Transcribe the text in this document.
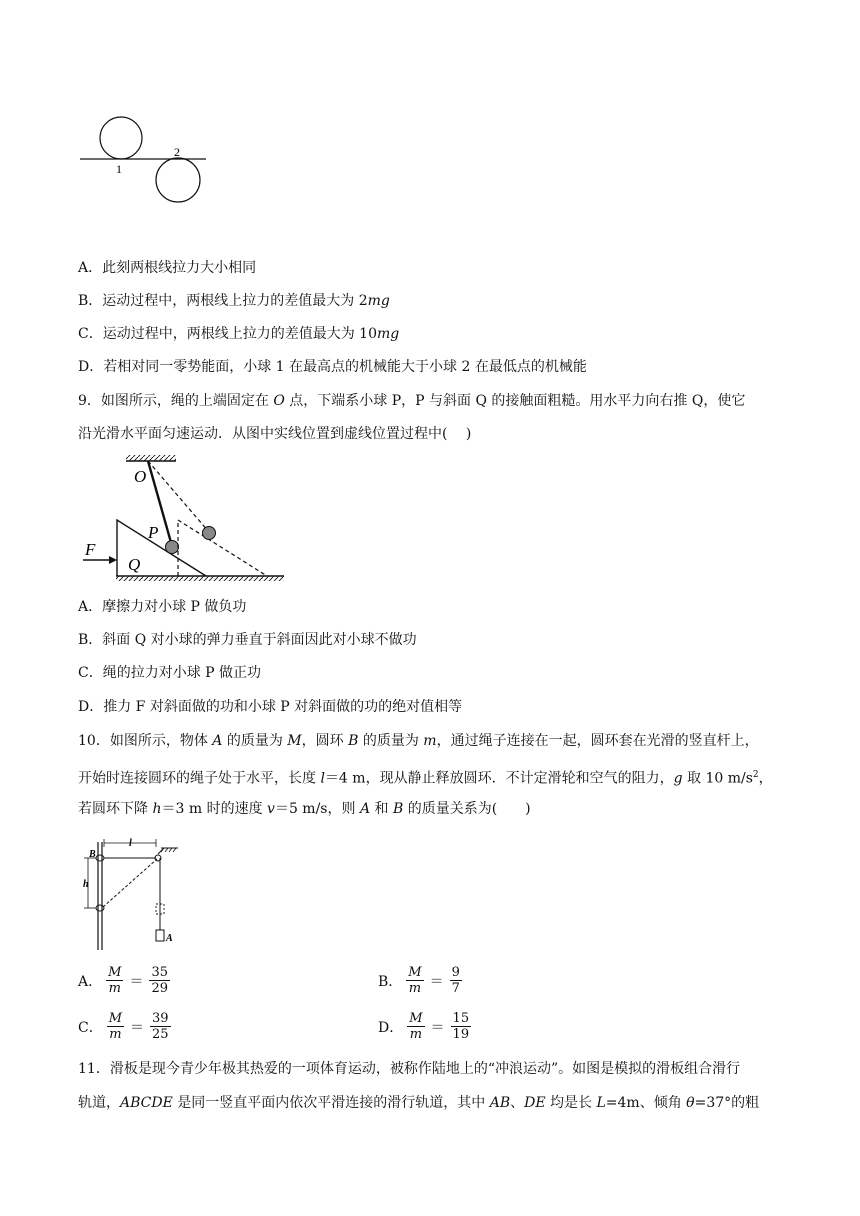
1
2
A．此刻两根线拉力大小相同
B．运动过程中，两根线上拉力的差值最大为 2mg
C．运动过程中，两根线上拉力的差值最大为 10mg
D．若相对同一零势能面，小球 1 在最高点的机械能大于小球 2 在最低点的机械能
9．如图所示，绳的上端固定在 O 点，下端系小球 P，P 与斜面 Q 的接触面粗糙。用水平力向右推 Q，使它
沿光滑水平面匀速运动．从图中实线位置到虚线位置过程中(　 )
O
P
F
Q
A．摩擦力对小球 P 做负功
B．斜面 Q 对小球的弹力垂直于斜面因此对小球不做功
C．绳的拉力对小球 P 做正功
D．推力 F 对斜面做的功和小球 P 对斜面做的功的绝对值相等
10．如图所示，物体 A 的质量为 M，圆环 B 的质量为 m，通过绳子连接在一起，圆环套在光滑的竖直杆上，
开始时连接圆环的绳子处于水平，长度 l＝4 m，现从静止释放圆环．不计定滑轮和空气的阻力，g 取 10 $m/s^2$，
若圆环下降 h＝3 m 时的速度 v＝5 m/s，则 A 和 B 的质量关系为(　　)
B
l
h
A
A． $\frac{M}{m} = \frac{35}{29}$	B． $\frac{M}{m} = \frac{9}{7}$
C． $\frac{M}{m} = \frac{39}{25}$	D． $\frac{M}{m} = \frac{15}{19}$
11．滑板是现今青少年极其热爱的一项体育运动，被称作陆地上的“冲浪运动”。如图是模拟的滑板组合滑行
轨道，ABCDE 是同一竖直平面内依次平滑连接的滑行轨道，其中 AB、DE 均是长 L=4m、倾角 θ=37°的粗
